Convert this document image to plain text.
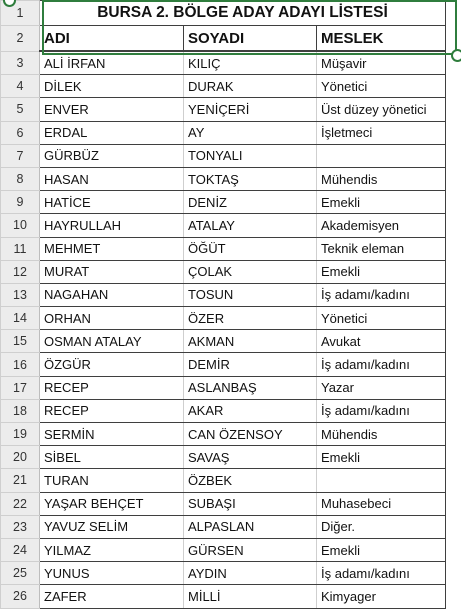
1	BURSA 2. BÖLGE ADAY ADAYI LİSTESİ		
2	ADI	SOYADI	MESLEK
3	ALİ İRFAN	KILIÇ	Müşavir
4	DİLEK	DURAK	Yönetici
5	ENVER	YENİÇERİ	Üst düzey yönetici
6	ERDAL	AY	İşletmeci
7	GÜRBÜZ	TONYALI	
8	HASAN	TOKTAŞ	Mühendis
9	HATİCE	DENİZ	Emekli
10	HAYRULLAH	ATALAY	Akademisyen
11	MEHMET	ÖĞÜT	Teknik eleman
12	MURAT	ÇOLAK	Emekli
13	NAGAHAN	TOSUN	İş adamı/kadını
14	ORHAN	ÖZER	Yönetici
15	OSMAN ATALAY	AKMAN	Avukat
16	ÖZGÜR	DEMİR	İş adamı/kadını
17	RECEP	ASLANBAŞ	Yazar
18	RECEP	AKAR	İş adamı/kadını
19	SERMİN	CAN ÖZENSOY	Mühendis
20	SİBEL	SAVAŞ	Emekli
21	TURAN	ÖZBEK	
22	YAŞAR BEHÇET	SUBAŞI	Muhasebeci
23	YAVUZ SELİM	ALPASLAN	Diğer.
24	YILMAZ	GÜRSEN	Emekli
25	YUNUS	AYDIN	İş adamı/kadını
26	ZAFER	MİLLİ	Kimyager
